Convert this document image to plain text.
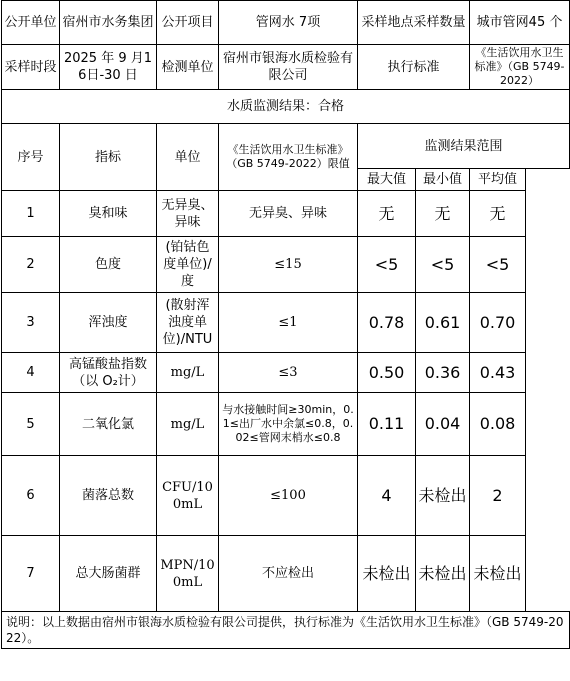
公开单位	宿州市水务集团	公开项目	管网水 7项	采样地点采样数量		城市管网45 个
采样时段	2025 年 9 月16日-30 日	检测单位	宿州市银海水质检验有限公司	执行标准		《生活饮用水卫生标准》（GB 5749-2022）
水质监测结果：合格						
序号	指标	单位	《生活饮用水卫生标准》（GB 5749-2022）限值	监测结果范围		
				最大值	最小值	平均值
1	臭和味	无异臭、异味	无异臭、异味	无	无	无
2	色度	(铂钴色度单位)/度	≤15	<5	<5	<5
3	浑浊度	(散射浑浊度单位)/NTU	≤1	0.78	0.61	0.70
4	高锰酸盐指数（以 O₂计）	mg/L	≤3	0.50	0.36	0.43
5	二氧化氯	mg/L	与水接触时间≥30min，0.1≤出厂水中余氯≤0.8，0.02≤管网末梢水≤0.8	0.11	0.04	0.08
6	菌落总数	CFU/100mL	≤100	4	未检出	2
7	总大肠菌群	MPN/100mL	不应检出	未检出	未检出	未检出
说明：以上数据由宿州市银海水质检验有限公司提供，执行标准为《生活饮用水卫生标准》（GB 5749-2022）。						
